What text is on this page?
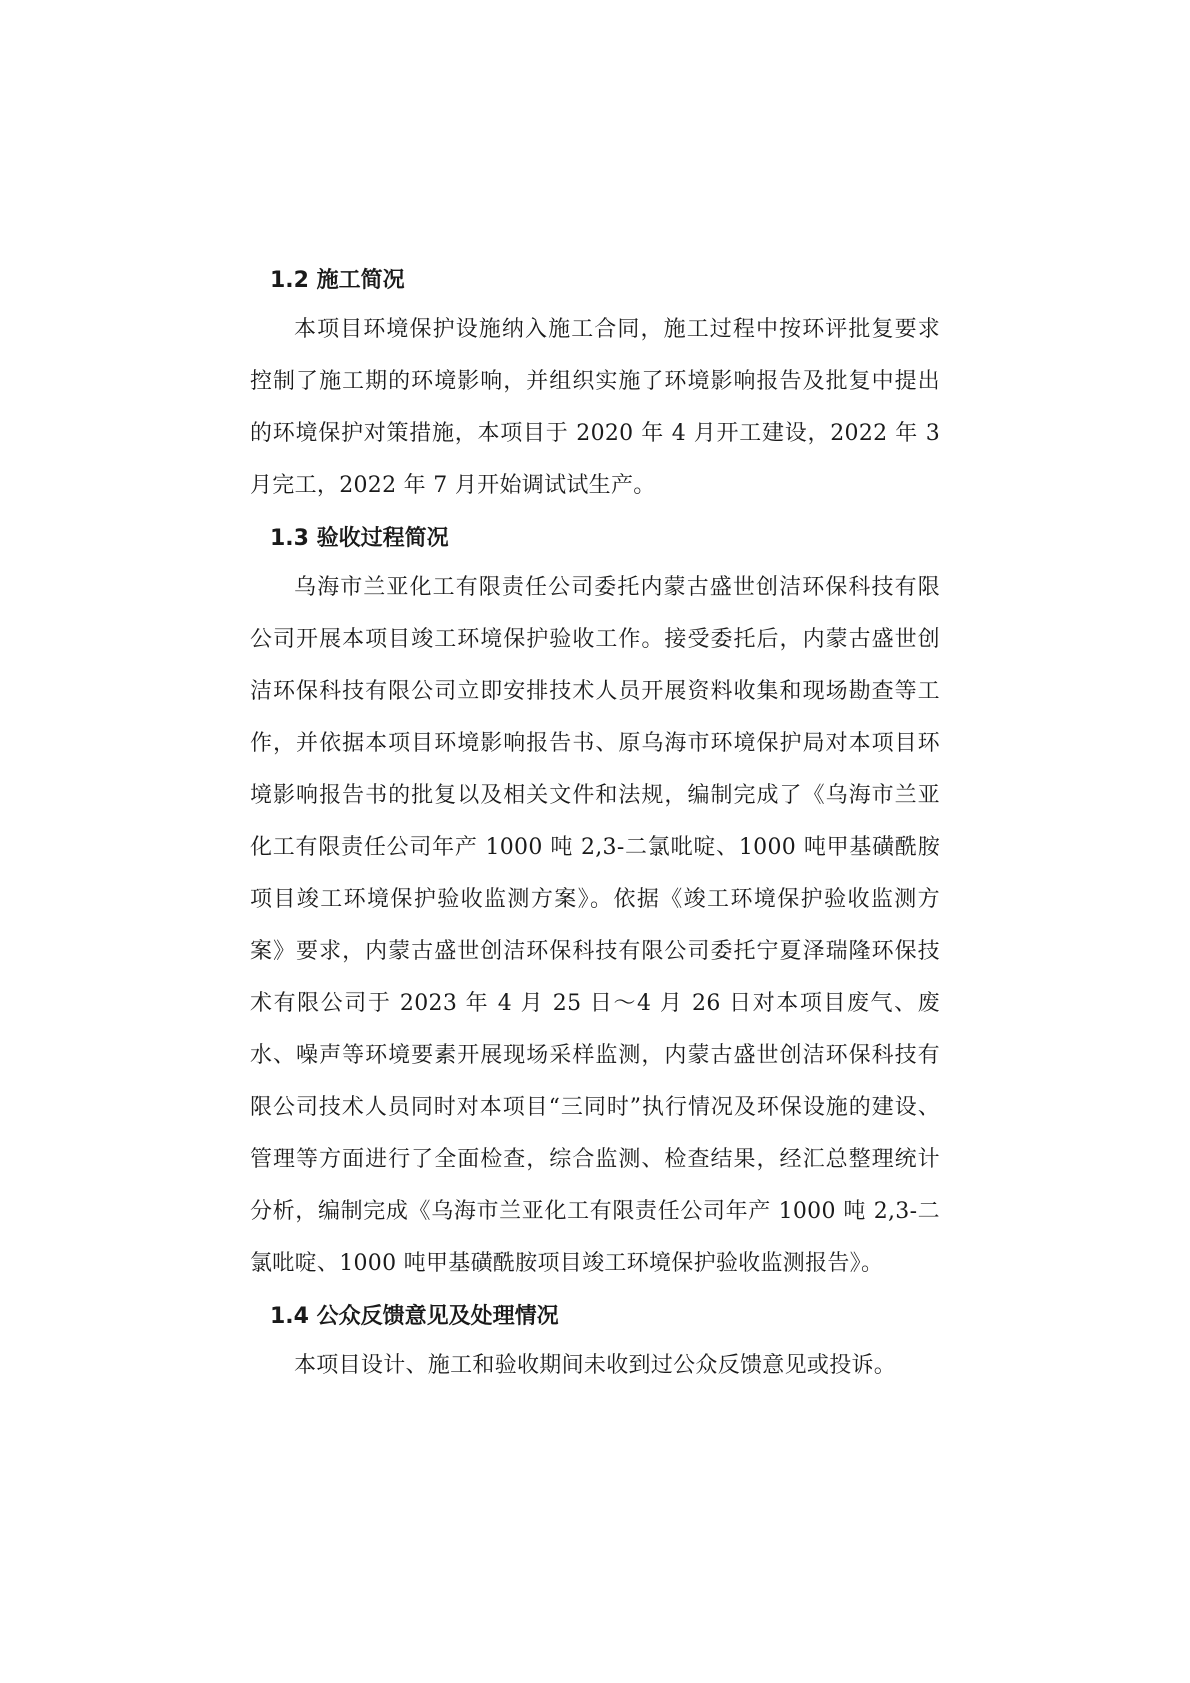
1.2 施工简况

本项目环境保护设施纳入施工合同，施工过程中按环评批复要求控制了施工期的环境影响，并组织实施了环境影响报告及批复中提出的环境保护对策措施，本项目于 2020 年 4 月开工建设，2022 年 3 月完工，2022 年 7 月开始调试试生产。

1.3 验收过程简况

乌海市兰亚化工有限责任公司委托内蒙古盛世创洁环保科技有限公司开展本项目竣工环境保护验收工作。接受委托后，内蒙古盛世创洁环保科技有限公司立即安排技术人员开展资料收集和现场勘查等工作，并依据本项目环境影响报告书、原乌海市环境保护局对本项目环境影响报告书的批复以及相关文件和法规，编制完成了《乌海市兰亚化工有限责任公司年产 1000 吨 2,3-二氯吡啶、1000 吨甲基磺酰胺项目竣工环境保护验收监测方案》。依据《竣工环境保护验收监测方案》要求，内蒙古盛世创洁环保科技有限公司委托宁夏泽瑞隆环保技术有限公司于 2023 年 4 月 25 日～4 月 26 日对本项目废气、废水、噪声等环境要素开展现场采样监测，内蒙古盛世创洁环保科技有限公司技术人员同时对本项目“三同时”执行情况及环保设施的建设、管理等方面进行了全面检查，综合监测、检查结果，经汇总整理统计分析，编制完成《乌海市兰亚化工有限责任公司年产 1000 吨 2,3-二氯吡啶、1000 吨甲基磺酰胺项目竣工环境保护验收监测报告》。

1.4 公众反馈意见及处理情况

本项目设计、施工和验收期间未收到过公众反馈意见或投诉。
